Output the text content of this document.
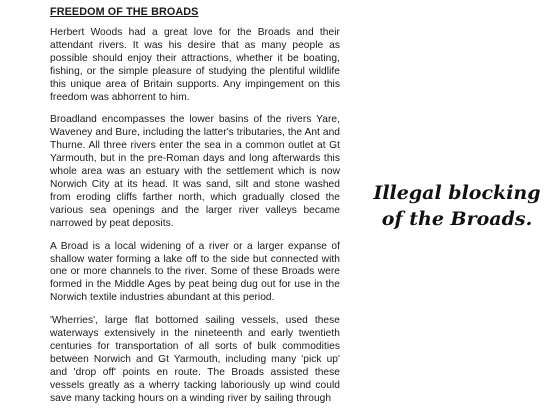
FREEDOM OF THE BROADS

Herbert Woods had a great love for the Broads and their attendant rivers. It was his desire that as many people as possible should enjoy their attractions, whether it be boating, fishing, or the simple pleasure of studying the plentiful wildlife this unique area of Britain supports. Any impingement on this freedom was abhorrent to him.

Broadland encompasses the lower basins of the rivers Yare, Waveney and Bure, including the latter's tributaries, the Ant and Thurne. All three rivers enter the sea in a common outlet at Gt Yarmouth, but in the pre-Roman days and long afterwards this whole area was an estuary with the settlement which is now Norwich City at its head. It was sand, silt and stone washed from eroding cliffs farther north, which gradually closed the various sea openings and the larger river valleys became narrowed by peat deposits.

A Broad is a local widening of a river or a larger expanse of shallow water forming a lake off to the side but connected with one or more channels to the river. Some of these Broads were formed in the Middle Ages by peat being dug out for use in the Norwich textile industries abundant at this period.

'Wherries', large flat bottomed sailing vessels, used these waterways extensively in the nineteenth and early twentieth centuries for transportation of all sorts of bulk commodities between Norwich and Gt Yarmouth, including many 'pick up' and 'drop off' points en route. The Broads assisted these vessels greatly as a wherry tacking laboriously up wind could save many tacking hours on a winding river by sailing through

Illegal blocking
of the Broads.
